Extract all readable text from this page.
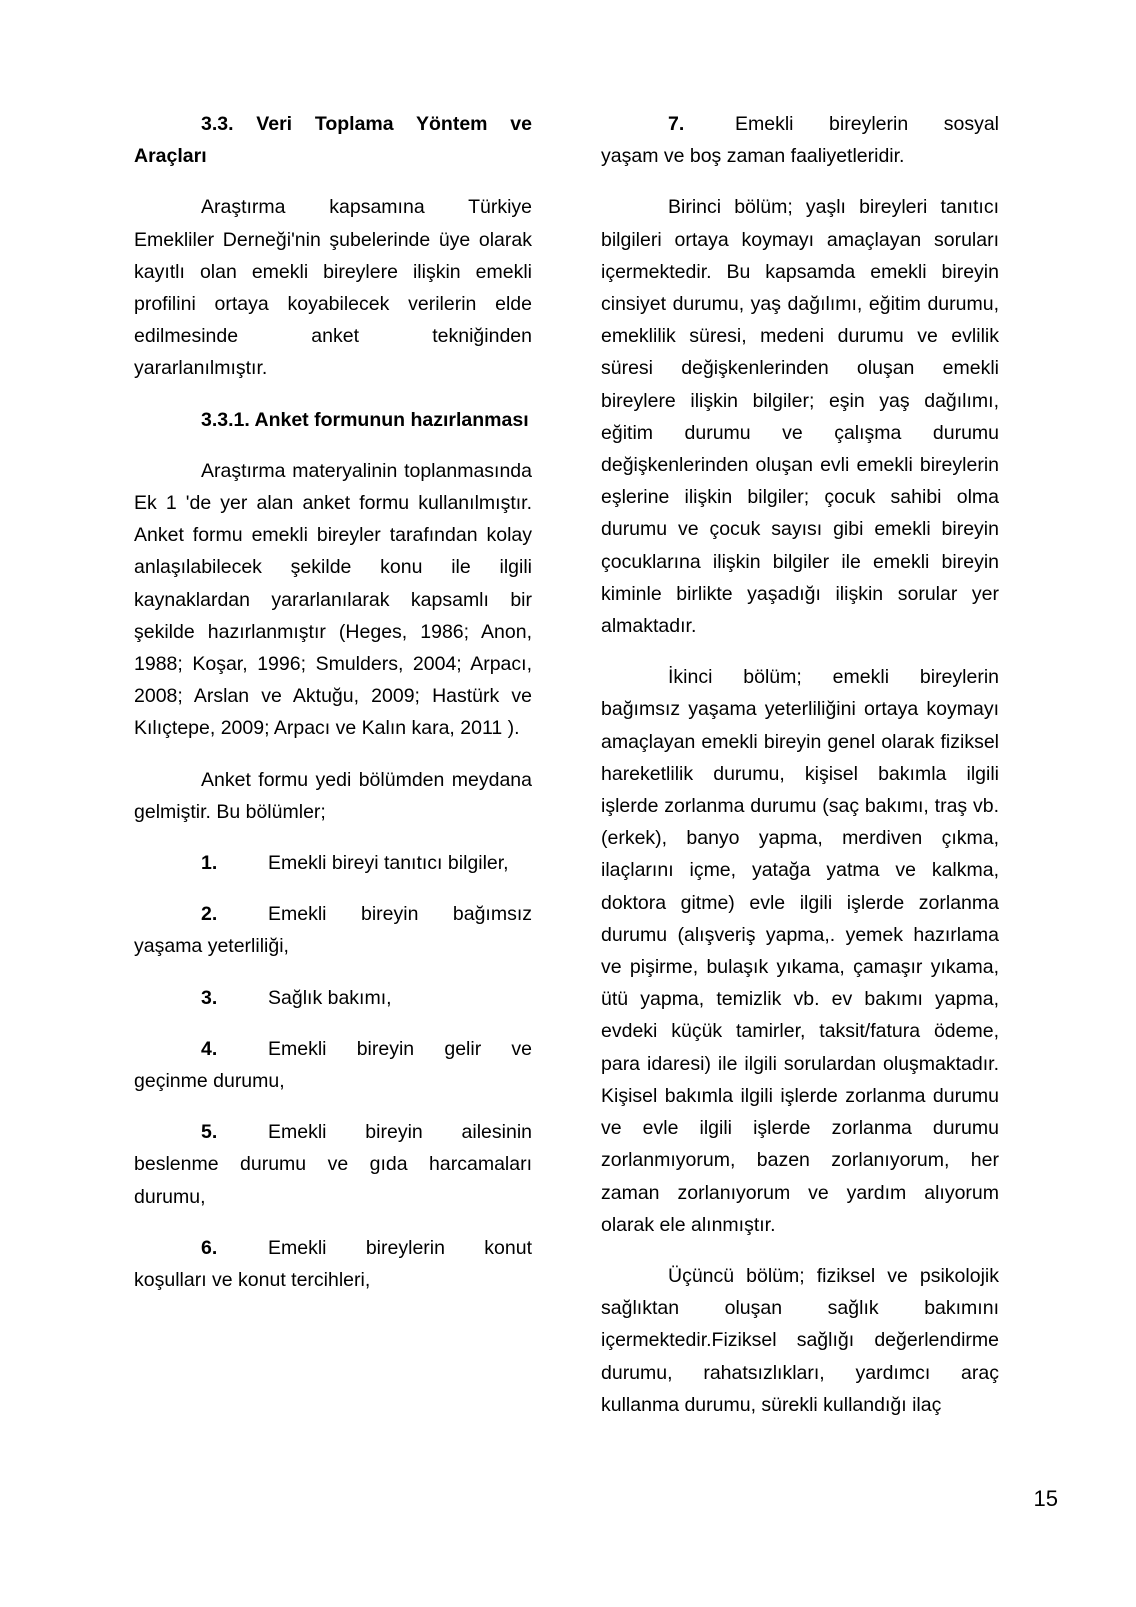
3.3. Veri Toplama Yöntem ve Araçları

Araştırma kapsamına Türkiye Emekliler Derneği'nin şubelerinde üye olarak kayıtlı olan emekli bireylere ilişkin emekli profilini ortaya koyabilecek verilerin elde edilmesinde anket tekniğinden yararlanılmıştır.

3.3.1. Anket formunun hazırlanması

Araştırma materyalinin toplanmasında Ek 1 'de yer alan anket formu kullanılmıştır. Anket formu emekli bireyler tarafından kolay anlaşılabilecek şekilde konu ile ilgili kaynaklardan yararlanılarak kapsamlı bir şekilde hazırlanmıştır (Heges, 1986; Anon, 1988; Koşar, 1996; Smulders, 2004; Arpacı, 2008; Arslan ve Aktuğu, 2009; Hastürk ve Kılıçtepe, 2009; Arpacı ve Kalın kara, 2011 ).

Anket formu yedi bölümden meydana gelmiştir. Bu bölümler;

1.	Emekli bireyi tanıtıcı bilgiler,

2.	Emekli bireyin bağımsız yaşama yeterliliği,

3.	Sağlık bakımı,

4.	Emekli bireyin gelir ve geçinme durumu,

5.	Emekli bireyin ailesinin beslenme durumu ve gıda harcamaları durumu,

6.	Emekli bireylerin konut koşulları ve konut tercihleri,

7.	Emekli bireylerin sosyal yaşam ve boş zaman faaliyetleridir.

Birinci bölüm; yaşlı bireyleri tanıtıcı bilgileri ortaya koymayı amaçlayan soruları içermektedir. Bu kapsamda emekli bireyin cinsiyet durumu, yaş dağılımı, eğitim durumu, emeklilik süresi, medeni durumu ve evlilik süresi değişkenlerinden oluşan emekli bireylere ilişkin bilgiler; eşin yaş dağılımı, eğitim durumu ve çalışma durumu değişkenlerinden oluşan evli emekli bireylerin eşlerine ilişkin bilgiler; çocuk sahibi olma durumu ve çocuk sayısı gibi emekli bireyin çocuklarına ilişkin bilgiler ile emekli bireyin kiminle birlikte yaşadığı ilişkin sorular yer almaktadır.

İkinci bölüm; emekli bireylerin bağımsız yaşama yeterliliğini ortaya koymayı amaçlayan emekli bireyin genel olarak fiziksel hareketlilik durumu, kişisel bakımla ilgili işlerde zorlanma durumu (saç bakımı, traş vb. (erkek), banyo yapma, merdiven çıkma, ilaçlarını içme, yatağa yatma ve kalkma, doktora gitme) evle ilgili işlerde zorlanma durumu (alışveriş yapma,. yemek hazırlama ve pişirme, bulaşık yıkama, çamaşır yıkama, ütü yapma, temizlik vb. ev bakımı yapma, evdeki küçük tamirler, taksit/fatura ödeme, para idaresi) ile ilgili sorulardan oluşmaktadır. Kişisel bakımla ilgili işlerde zorlanma durumu ve evle ilgili işlerde zorlanma durumu zorlanmıyorum, bazen zorlanıyorum, her zaman zorlanıyorum ve yardım alıyorum olarak ele alınmıştır.

Üçüncü bölüm; fiziksel ve psikolojik sağlıktan oluşan sağlık bakımını içermektedir.Fiziksel sağlığı değerlendirme durumu, rahatsızlıkları, yardımcı araç kullanma durumu, sürekli kullandığı ilaç

15
